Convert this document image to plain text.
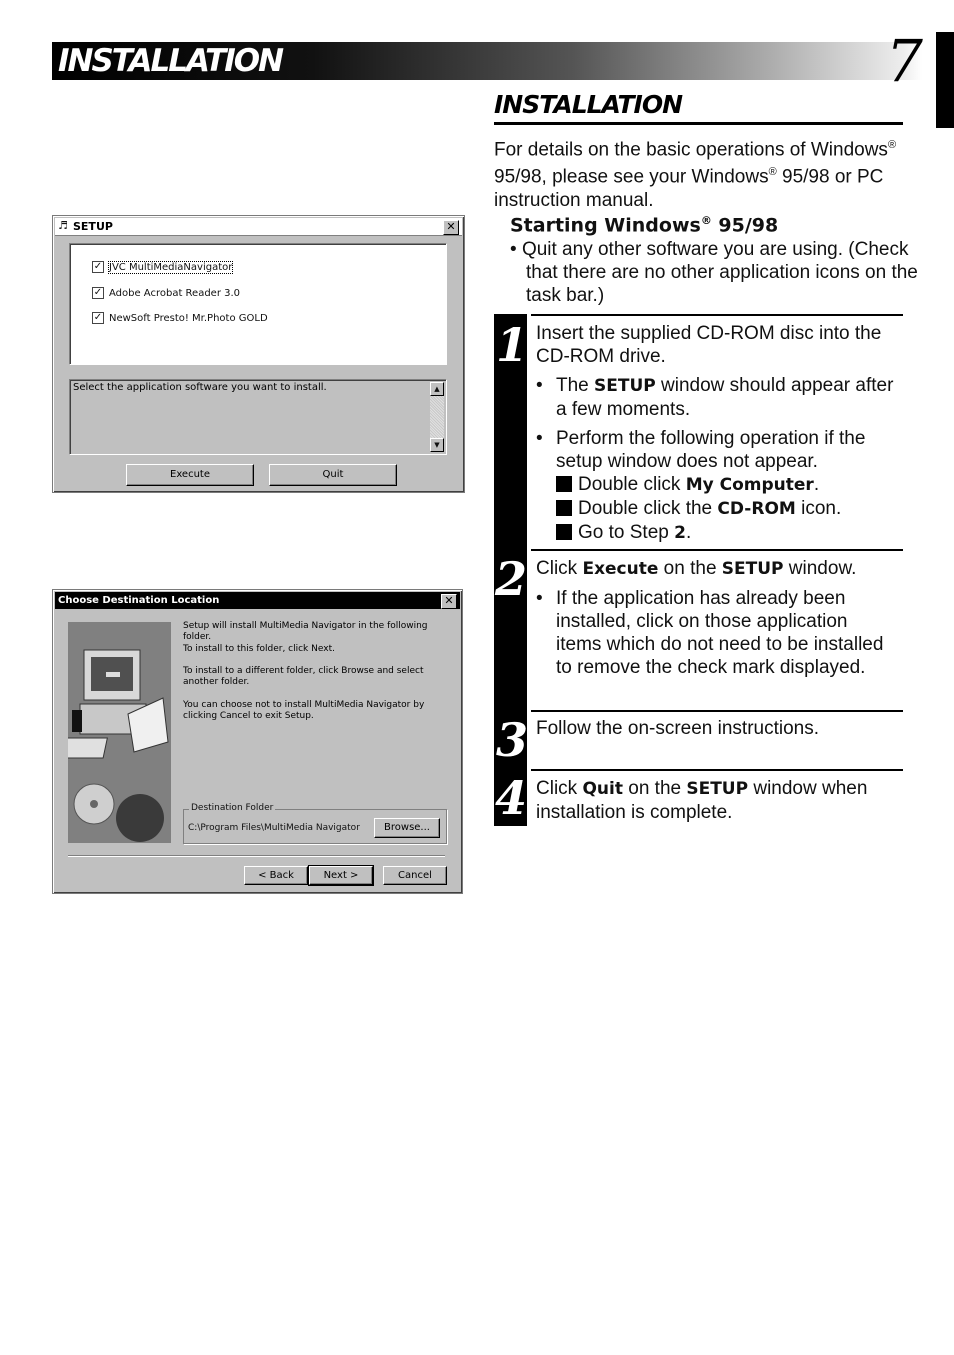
INSTALLATION	7
♬ SETUP	✕
✓ JVC MultiMediaNavigator
✓ Adobe Acrobat Reader 3.0
✓ NewSoft Presto! Mr.Photo GOLD
Select the application software you want to install.	▲
▼
Execute	Quit
Choose Destination Location	✕
Setup will install MultiMedia Navigator in the following folder.
To install to this folder, click Next.
To install to a different folder, click Browse and select another folder.
You can choose not to install MultiMedia Navigator by clicking Cancel to exit Setup.
Destination Folder
C:\Program Files\MultiMedia Navigator	Browse...
< Back	Next >	Cancel
INSTALLATION
For details on the basic operations of Windows® 95/98, please see your Windows® 95/98 or PC instruction manual.
Starting Windows® 95/98
• Quit any other software you are using. (Check that there are no other application icons on the task bar.)
1 Insert the supplied CD-ROM disc into the CD-ROM drive.
• The SETUP window should appear after a few moments.
• Perform the following operation if the setup window does not appear.
Double click My Computer.
Double click the CD-ROM icon.
Go to Step 2.
2 Click Execute on the SETUP window.
• If the application has already been installed, click on those application items which do not need to be installed to remove the check mark displayed.
3 Follow the on-screen instructions.
4 Click Quit on the SETUP window when installation is complete.
